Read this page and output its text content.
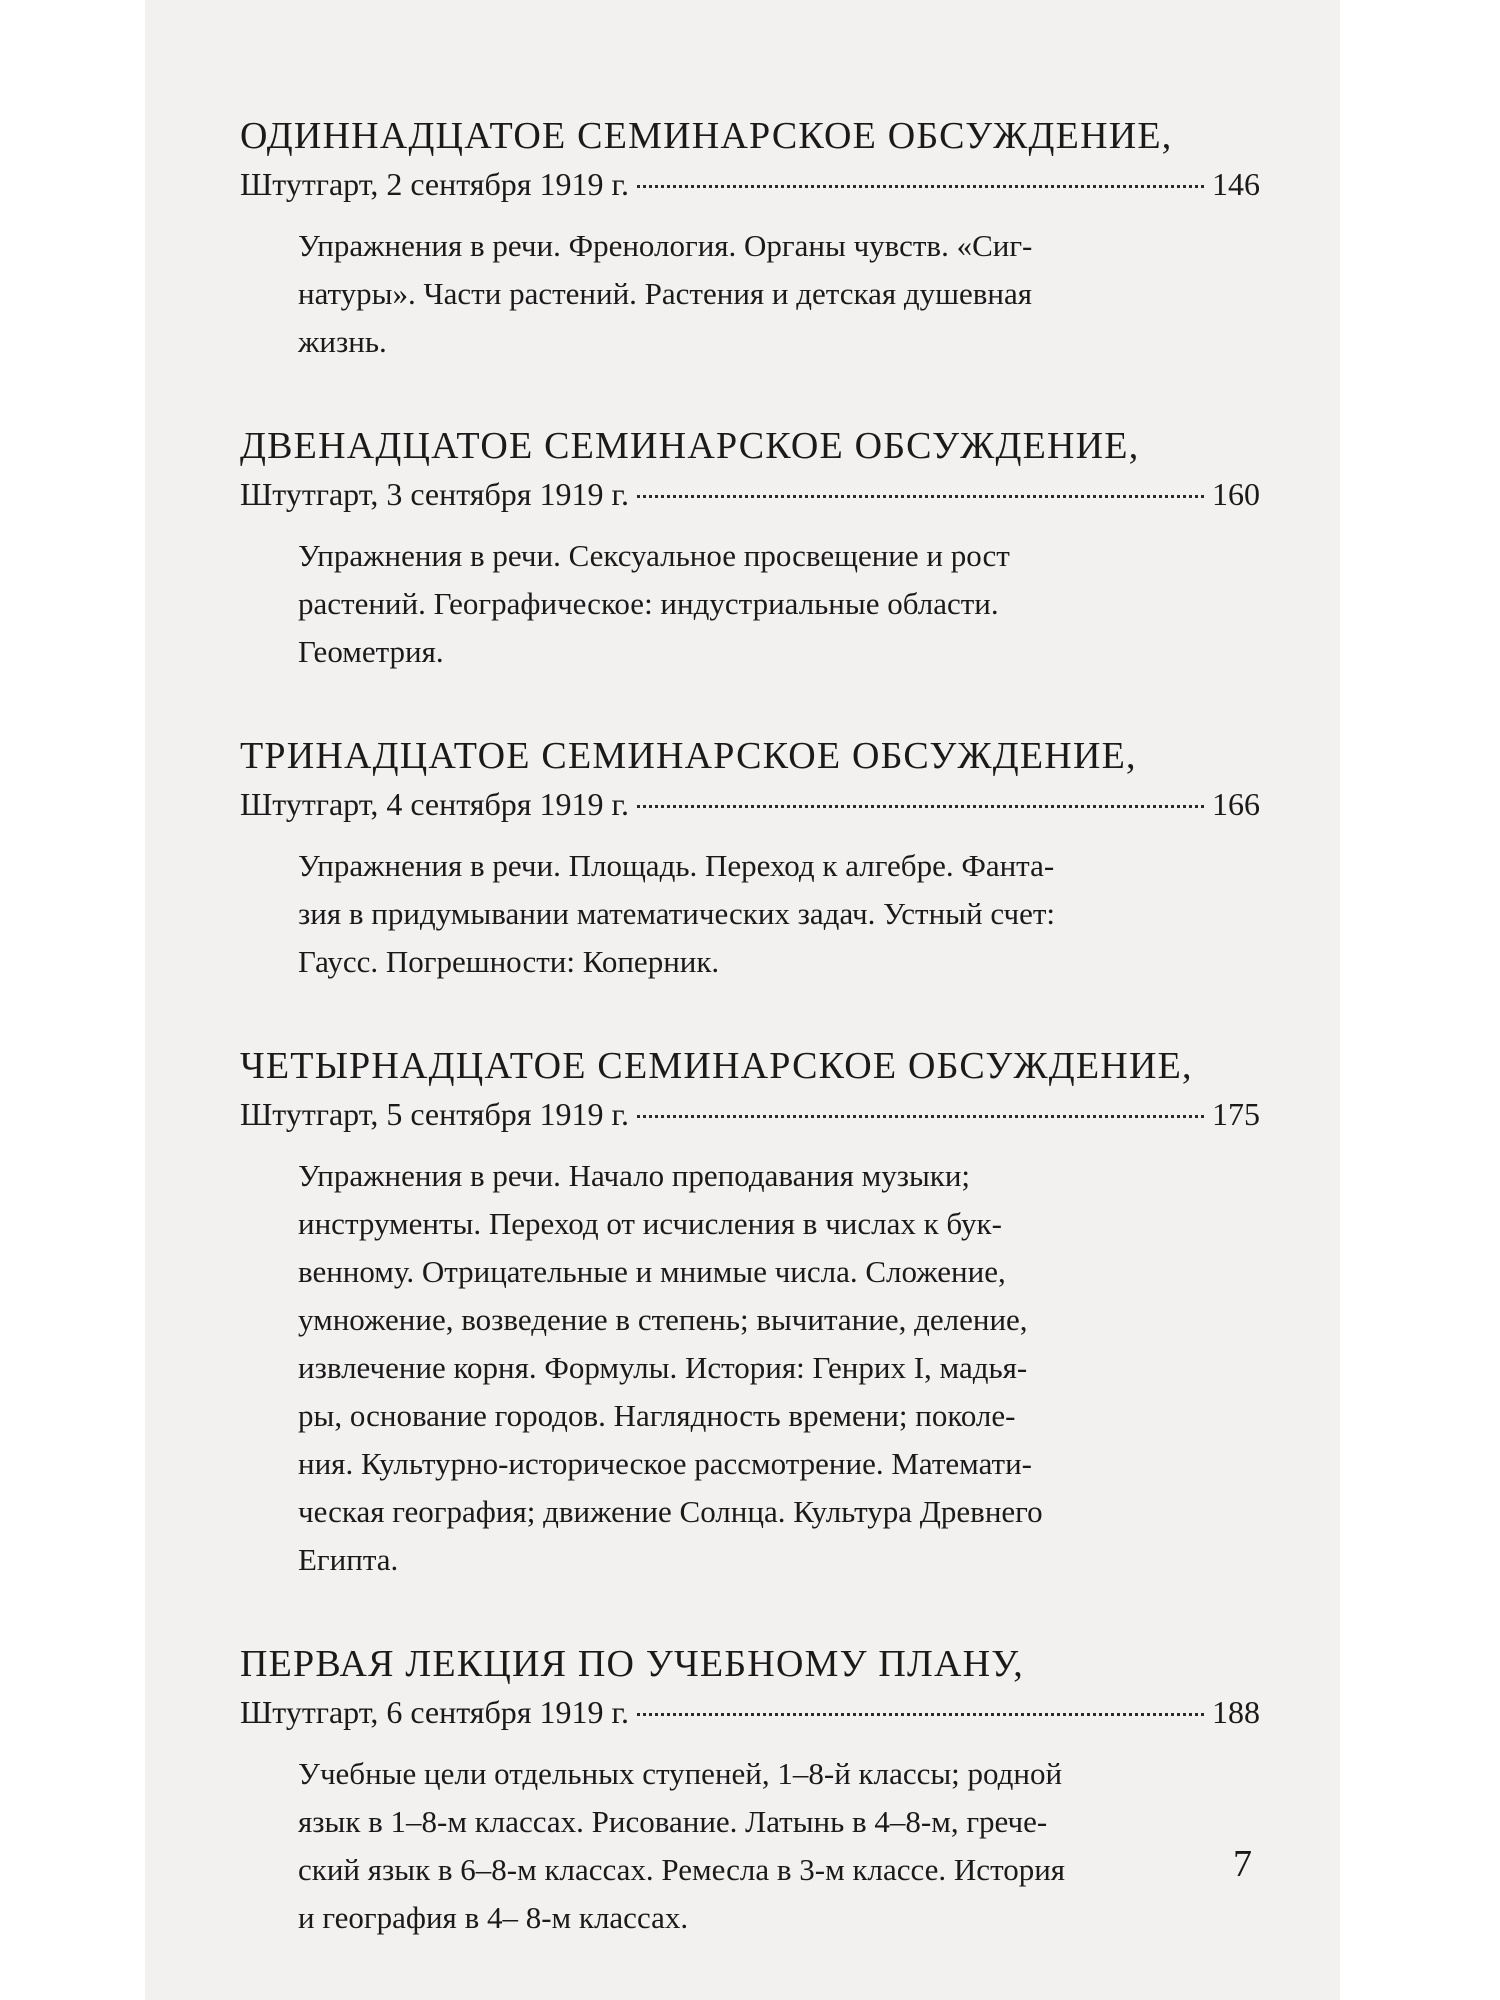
ОДИННАДЦАТОЕ СЕМИНАРСКОЕ ОБСУЖДЕНИЕ,
Штутгарт, 2 сентября 1919 г.	146
Упражнения в речи. Френология. Органы чувств. «Сиг-
натуры». Части растений. Растения и детская душевная
жизнь.
ДВЕНАДЦАТОЕ СЕМИНАРСКОЕ ОБСУЖДЕНИЕ,
Штутгарт, 3 сентября 1919 г.	160
Упражнения в речи. Сексуальное просвещение и рост
растений. Географическое: индустриальные области.
Геометрия.
ТРИНАДЦАТОЕ СЕМИНАРСКОЕ ОБСУЖДЕНИЕ,
Штутгарт, 4 сентября 1919 г.	166
Упражнения в речи. Площадь. Переход к алгебре. Фанта-
зия в придумывании математических задач. Устный счет:
Гаусс. Погрешности: Коперник.
ЧЕТЫРНАДЦАТОЕ СЕМИНАРСКОЕ ОБСУЖДЕНИЕ,
Штутгарт, 5 сентября 1919 г.	175
Упражнения в речи. Начало преподавания музыки;
инструменты. Переход от исчисления в числах к бук-
венному. Отрицательные и мнимые числа. Сложение,
умножение, возведение в степень; вычитание, деление,
извлечение корня. Формулы. История: Генрих I, мадья-
ры, основание городов. Наглядность времени; поколе-
ния. Культурно-историческое рассмотрение. Математи-
ческая география; движение Солнца. Культура Древнего
Египта.
ПЕРВАЯ ЛЕКЦИЯ ПО УЧЕБНОМУ ПЛАНУ,
Штутгарт, 6 сентября 1919 г.	188
Учебные цели отдельных ступеней, 1–8-й классы; родной
язык в 1–8-м классах. Рисование. Латынь в 4–8-м, грече-
ский язык в 6–8-м классах. Ремесла в 3-м классе. История
и география в 4– 8-м классах.
7
